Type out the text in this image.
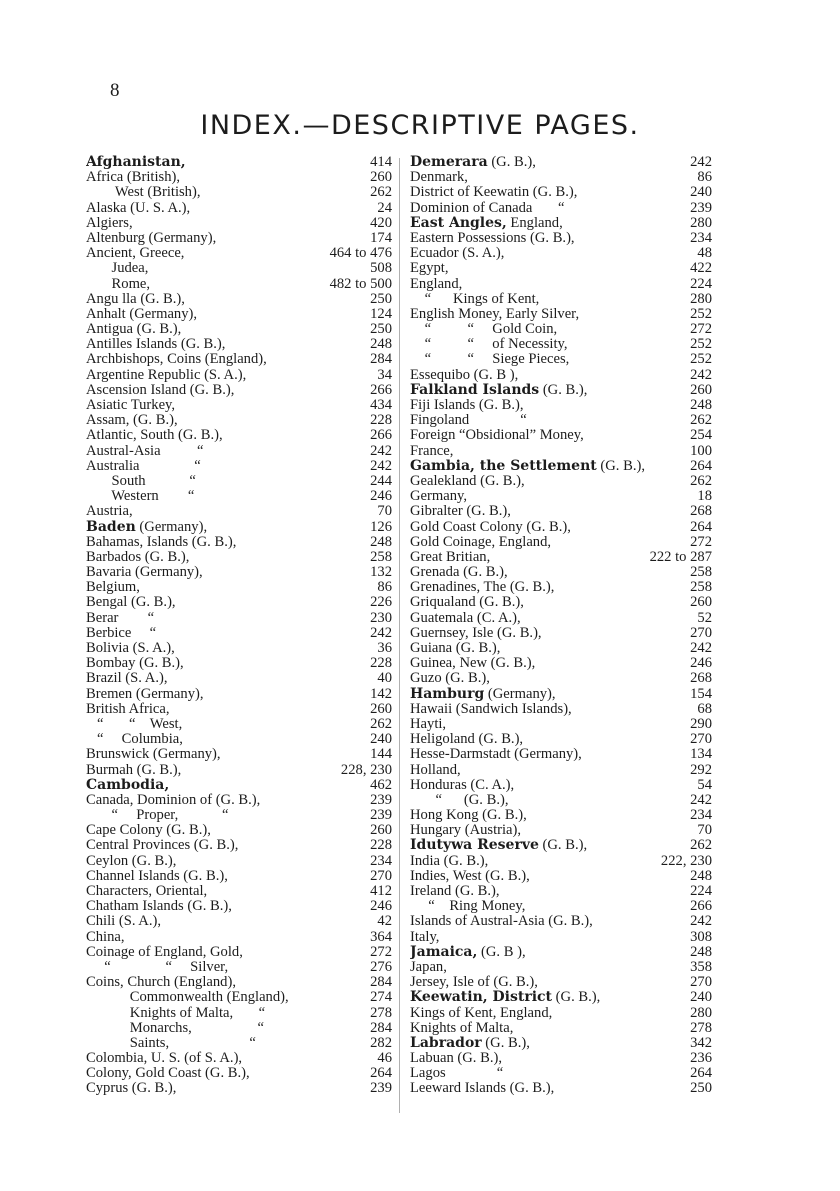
8
INDEX.—DESCRIPTIVE PAGES.
Afghanistan,	414
Africa (British),	260
West (British),	262
Alaska (U. S. A.),	24
Algiers,	420
Altenburg (Germany),	174
Ancient, Greece,	464 to 476
Judea,	508
Rome,	482 to 500
Angu lla (G. B.),	250
Anhalt (Germany),	124
Antigua (G. B.),	250
Antilles Islands (G. B.),	248
Archbishops, Coins (England),	284
Argentine Republic (S. A.),	34
Ascension Island (G. B.),	266
Asiatic Turkey,	434
Assam, (G. B.),	228
Atlantic, South (G. B.),	266
Austral-Asia          “	242
Australia               “	242
South            “	244
Western        “	246
Austria,	70
Baden (Germany),	126
Bahamas, Islands (G. B.),	248
Barbados (G. B.),	258
Bavaria (Germany),	132
Belgium,	86
Bengal (G. B.),	226
Berar        “	230
Berbice     “	242
Bolivia (S. A.),	36
Bombay (G. B.),	228
Brazil (S. A.),	40
Bremen (Germany),	142
British Africa,	260
“       “    West,	262
“     Columbia,	240
Brunswick (Germany),	144
Burmah (G. B.),	228, 230
Cambodia,	462
Canada, Dominion of (G. B.),	239
“     Proper,            “	239
Cape Colony (G. B.),	260
Central Provinces (G. B.),	228
Ceylon (G. B.),	234
Channel Islands (G. B.),	270
Characters, Oriental,	412
Chatham Islands (G. B.),	246
Chili (S. A.),	42
China,	364
Coinage of England, Gold,	272
“               “     Silver,	276
Coins, Church (England),	284
Commonwealth (England),	274
Knights of Malta,       “	278
Monarchs,                  “	284
Saints,                      “	282
Colombia, U. S. (of S. A.),	46
Colony, Gold Coast (G. B.),	264
Cyprus (G. B.),	239
Demerara (G. B.),	242
Denmark,	86
District of Keewatin (G. B.),	240
Dominion of Canada       “	239
East Angles, England,	280
Eastern Possessions (G. B.),	234
Ecuador (S. A.),	48
Egypt,	422
England,	224
“      Kings of Kent,	280
English Money, Early Silver,	252
“          “     Gold Coin,	272
“          “     of Necessity,	252
“          “     Siege Pieces,	252
Essequibo (G. B ),	242
Falkland Islands (G. B.),	260
Fiji Islands (G. B.),	248
Fingoland              “	262
Foreign “Obsidional” Money,	254
France,	100
Gambia, the Settlement (G. B.),	264
Gealekland (G. B.),	262
Germany,	18
Gibralter (G. B.),	268
Gold Coast Colony (G. B.),	264
Gold Coinage, England,	272
Great Britian,	222 to 287
Grenada (G. B.),	258
Grenadines, The (G. B.),	258
Griqualand (G. B.),	260
Guatemala (C. A.),	52
Guernsey, Isle (G. B.),	270
Guiana (G. B.),	242
Guinea, New (G. B.),	246
Guzo (G. B.),	268
Hamburg (Germany),	154
Hawaii (Sandwich Islands),	68
Hayti,	290
Heligoland (G. B.),	270
Hesse-Darmstadt (Germany),	134
Holland,	292
Honduras (C. A.),	54
“      (G. B.),	242
Hong Kong (G. B.),	234
Hungary (Austria),	70
Idutywa Reserve (G. B.),	262
India (G. B.),	222, 230
Indies, West (G. B.),	248
Ireland (G. B.),	224
“    Ring Money,	266
Islands of Austral-Asia (G. B.),	242
Italy,	308
Jamaica, (G. B ),	248
Japan,	358
Jersey, Isle of (G. B.),	270
Keewatin, District (G. B.),	240
Kings of Kent, England,	280
Knights of Malta,	278
Labrador (G. B.),	342
Labuan (G. B.),	236
Lagos              “	264
Leeward Islands (G. B.),	250
